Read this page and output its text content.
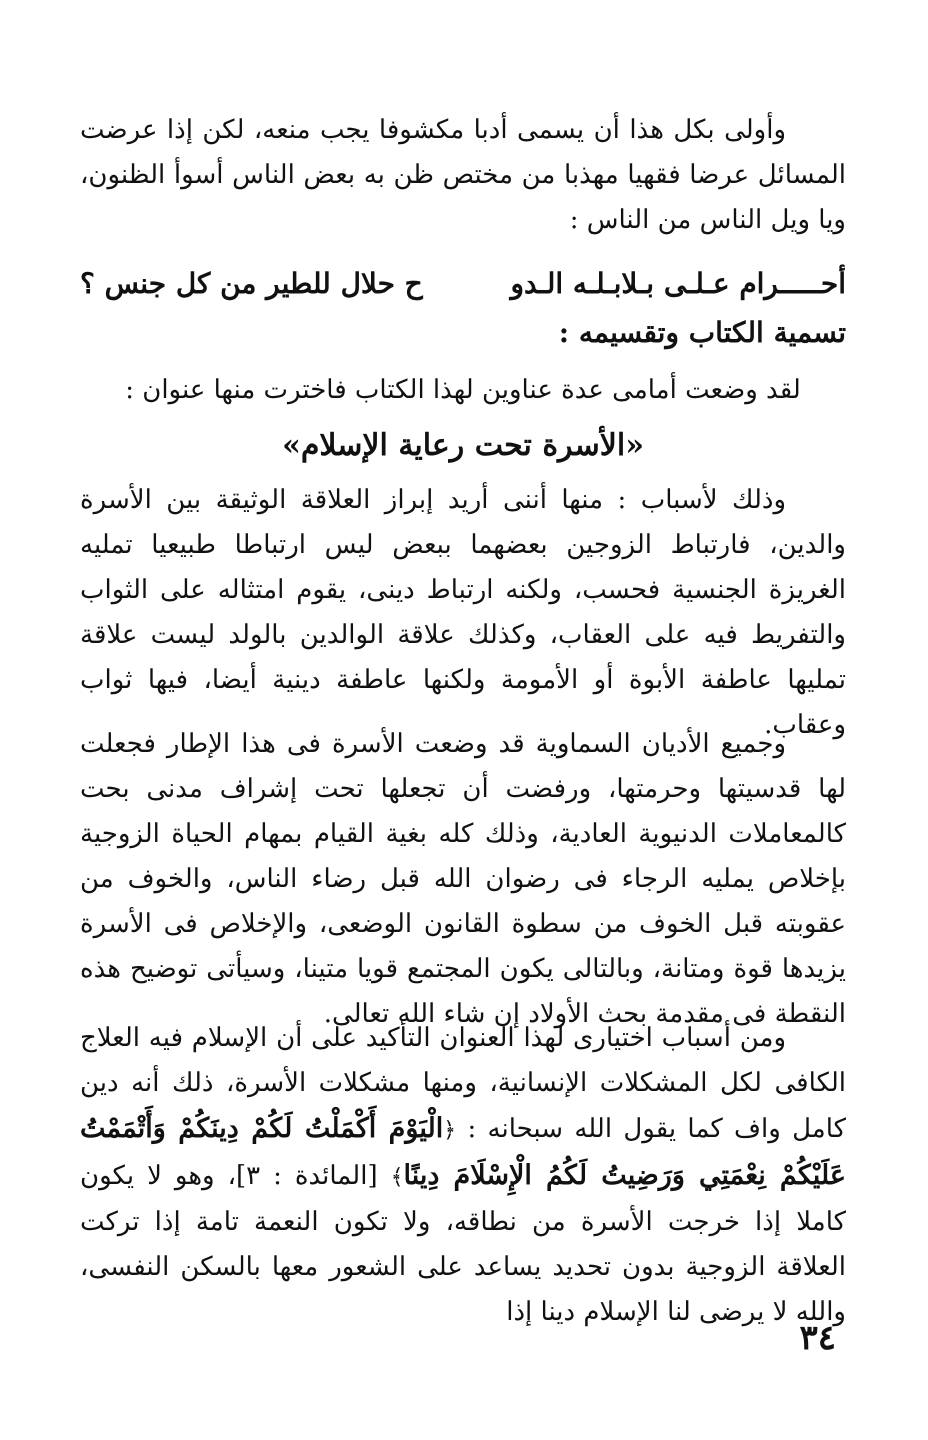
وأولى بكل هذا أن يسمى أدبا مكشوفا يجب منعه، لكن إذا عرضت المسائل عرضا فقهيا مهذبا من مختص ظن به بعض الناس أسوأ الظنون، ويا ويل الناس من الناس :

أحـــــرام عـلـى بـلابـلـه الـدو
ح حلال للطير من كل جنس ؟
تسمية الكتاب وتقسيمه :

لقد وضعت أمامى عدة عناوين لهذا الكتاب فاخترت منها عنوان :

«الأسرة تحت رعاية الإسلام»

وذلك لأسباب : منها أننى أريد إبراز العلاقة الوثيقة بين الأسرة والدين، فارتباط الزوجين بعضهما ببعض ليس ارتباطا طبيعيا تمليه الغريزة الجنسية فحسب، ولكنه ارتباط دينى، يقوم امتثاله على الثواب والتفريط فيه على العقاب، وكذلك علاقة الوالدين بالولد ليست علاقة تمليها عاطفة الأبوة أو الأمومة ولكنها عاطفة دينية أيضا، فيها ثواب وعقاب.

وجميع الأديان السماوية قد وضعت الأسرة فى هذا الإطار فجعلت لها قدسيتها وحرمتها، ورفضت أن تجعلها تحت إشراف مدنى بحت كالمعاملات الدنيوية العادية، وذلك كله بغية القيام بمهام الحياة الزوجية بإخلاص يمليه الرجاء فى رضوان الله قبل رضاء الناس، والخوف من عقوبته قبل الخوف من سطوة القانون الوضعى، والإخلاص فى الأسرة يزيدها قوة ومتانة، وبالتالى يكون المجتمع قويا متينا، وسيأتى توضيح هذه النقطة فى مقدمة بحث الأولاد إن شاء الله تعالى.

ومن أسباب اختيارى لهذا العنوان التأكيد على أن الإسلام فيه العلاج الكافى لكل المشكلات الإنسانية، ومنها مشكلات الأسرة، ذلك أنه دين كامل واف كما يقول الله سبحانه : ﴿الْيَوْمَ أَكْمَلْتُ لَكُمْ دِينَكُمْ وَأَتْمَمْتُ عَلَيْكُمْ نِعْمَتِي وَرَضِيتُ لَكُمُ الْإِسْلَامَ دِينًا﴾ [المائدة : ٣]، وهو لا يكون كاملا إذا خرجت الأسرة من نطاقه، ولا تكون النعمة تامة إذا تركت العلاقة الزوجية بدون تحديد يساعد على الشعور معها بالسكن النفسى، والله لا يرضى لنا الإسلام دينا إذا

٣٤
